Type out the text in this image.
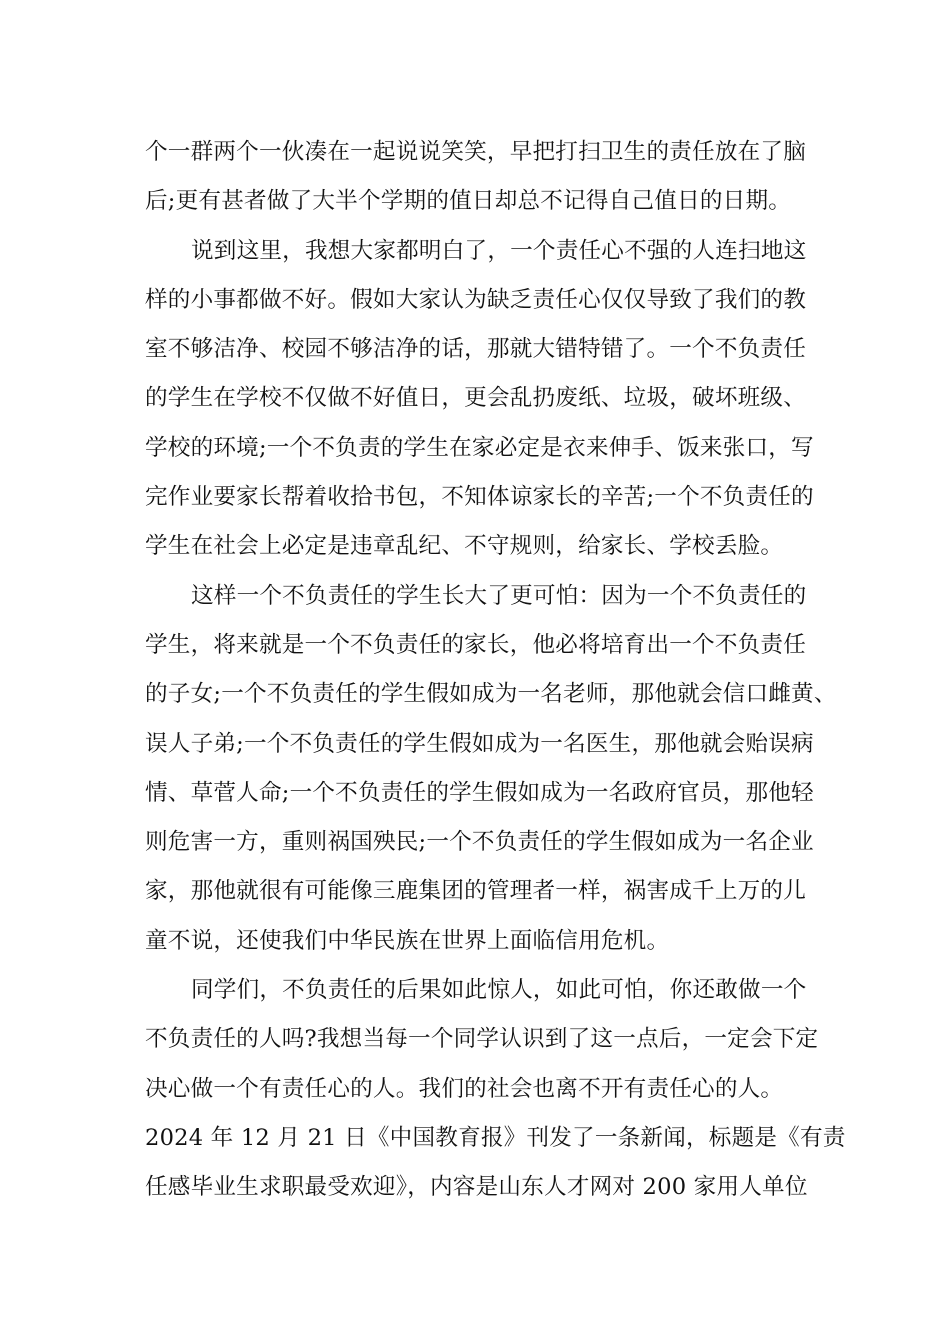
个一群两个一伙凑在一起说说笑笑，早把打扫卫生的责任放在了脑
后;更有甚者做了大半个学期的值日却总不记得自己值日的日期。
说到这里，我想大家都明白了，一个责任心不强的人连扫地这
样的小事都做不好。假如大家认为缺乏责任心仅仅导致了我们的教
室不够洁净、校园不够洁净的话，那就大错特错了。一个不负责任
的学生在学校不仅做不好值日，更会乱扔废纸、垃圾，破坏班级、
学校的环境;一个不负责的学生在家必定是衣来伸手、饭来张口，写
完作业要家长帮着收拾书包，不知体谅家长的辛苦;一个不负责任的
学生在社会上必定是违章乱纪、不守规则，给家长、学校丢脸。
这样一个不负责任的学生长大了更可怕：因为一个不负责任的
学生，将来就是一个不负责任的家长，他必将培育出一个不负责任
的子女;一个不负责任的学生假如成为一名老师，那他就会信口雌黄、
误人子弟;一个不负责任的学生假如成为一名医生，那他就会贻误病
情、草菅人命;一个不负责任的学生假如成为一名政府官员，那他轻
则危害一方，重则祸国殃民;一个不负责任的学生假如成为一名企业
家，那他就很有可能像三鹿集团的管理者一样，祸害成千上万的儿
童不说，还使我们中华民族在世界上面临信用危机。
同学们，不负责任的后果如此惊人，如此可怕，你还敢做一个
不负责任的人吗?我想当每一个同学认识到了这一点后，一定会下定
决心做一个有责任心的人。我们的社会也离不开有责任心的人。
2024 年 12 月 21 日《中国教育报》刊发了一条新闻，标题是《有责
任感毕业生求职最受欢迎》，内容是山东人才网对 200 家用人单位
